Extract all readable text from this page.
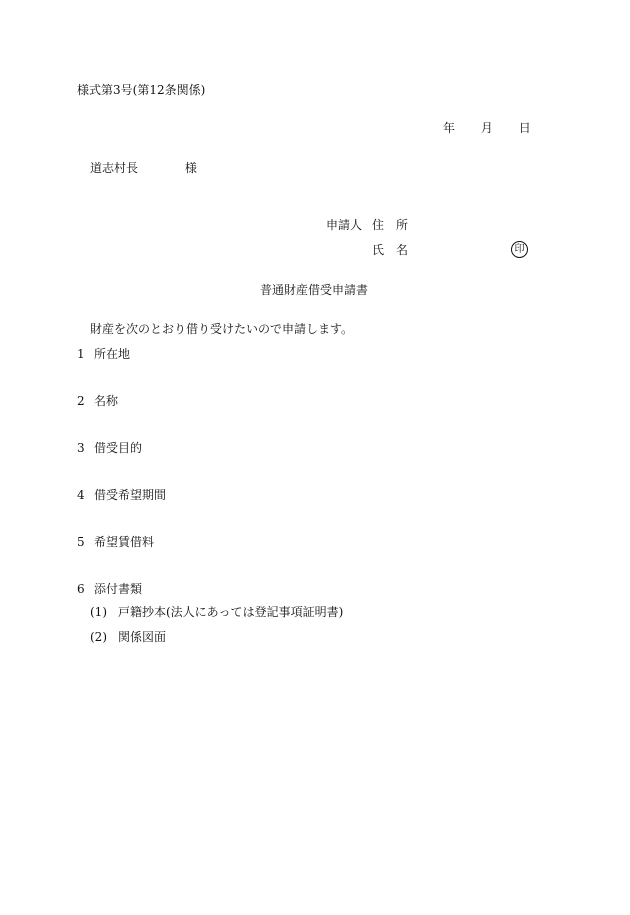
様式第3号(第12条関係)
年 月 日
道志村長	様
申請人 住所
氏名	印
普通財産借受申請書
財産を次のとおり借り受けたいので申請します。
1 所在地
2 名称
3 借受目的
4 借受希望期間
5 希望賃借料
6 添付書類
(1) 戸籍抄本(法人にあっては登記事項証明書)
(2) 関係図面
